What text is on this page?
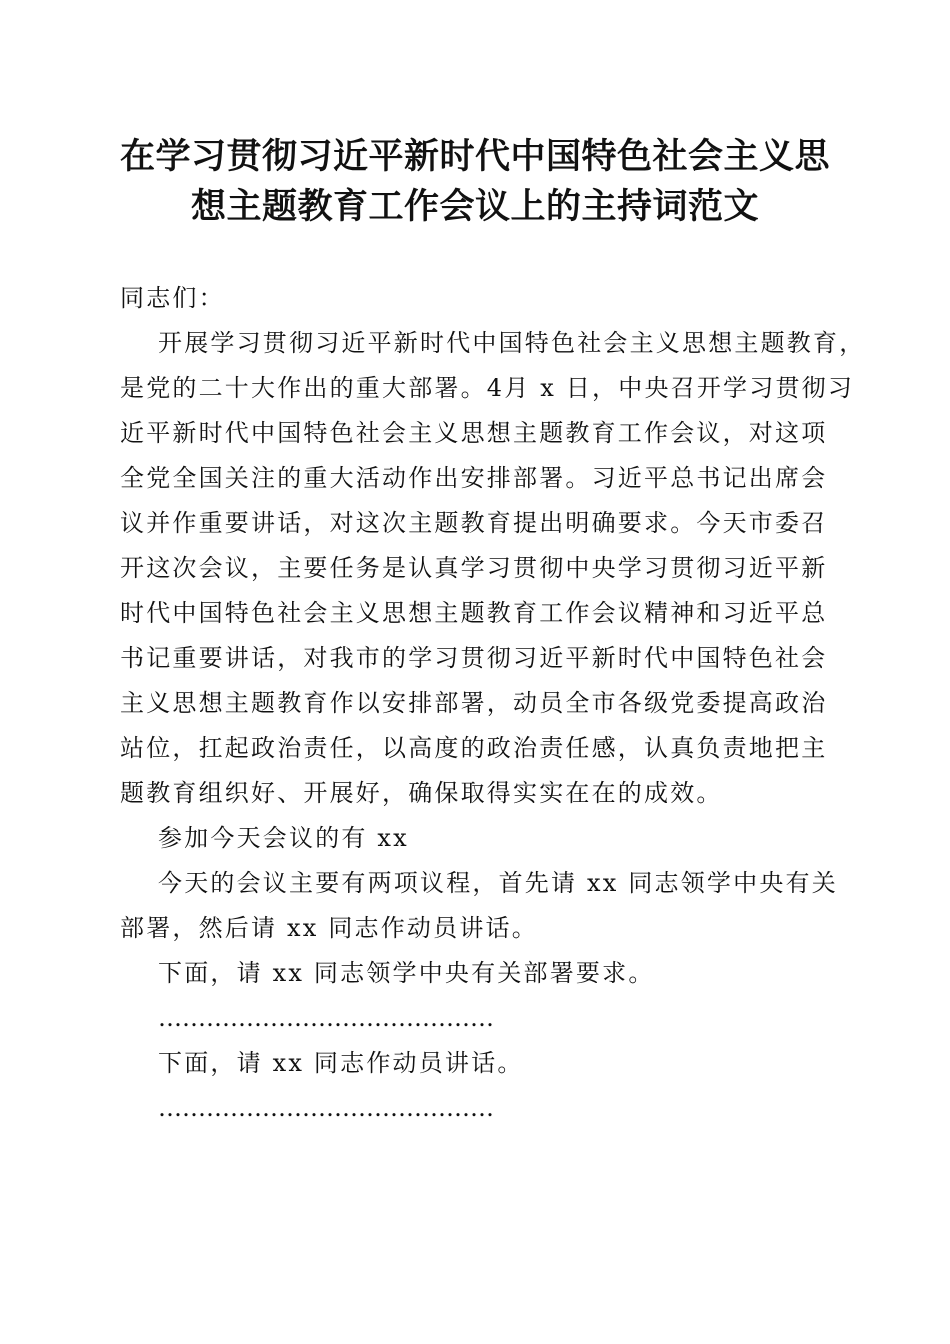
在学习贯彻习近平新时代中国特色社会主义思
想主题教育工作会议上的主持词范文
同志们：
开展学习贯彻习近平新时代中国特色社会主义思想主题教育，
是党的二十大作出的重大部署。4月 x 日，中央召开学习贯彻习
近平新时代中国特色社会主义思想主题教育工作会议，对这项
全党全国关注的重大活动作出安排部署。习近平总书记出席会
议并作重要讲话，对这次主题教育提出明确要求。今天市委召
开这次会议，主要任务是认真学习贯彻中央学习贯彻习近平新
时代中国特色社会主义思想主题教育工作会议精神和习近平总
书记重要讲话，对我市的学习贯彻习近平新时代中国特色社会
主义思想主题教育作以安排部署，动员全市各级党委提高政治
站位，扛起政治责任，以高度的政治责任感，认真负责地把主
题教育组织好、开展好，确保取得实实在在的成效。
参加今天会议的有 xx
今天的会议主要有两项议程，首先请 xx 同志领学中央有关
部署，然后请 xx 同志作动员讲话。
下面，请 xx 同志领学中央有关部署要求。
……………………………………
下面，请 xx 同志作动员讲话。
……………………………………
